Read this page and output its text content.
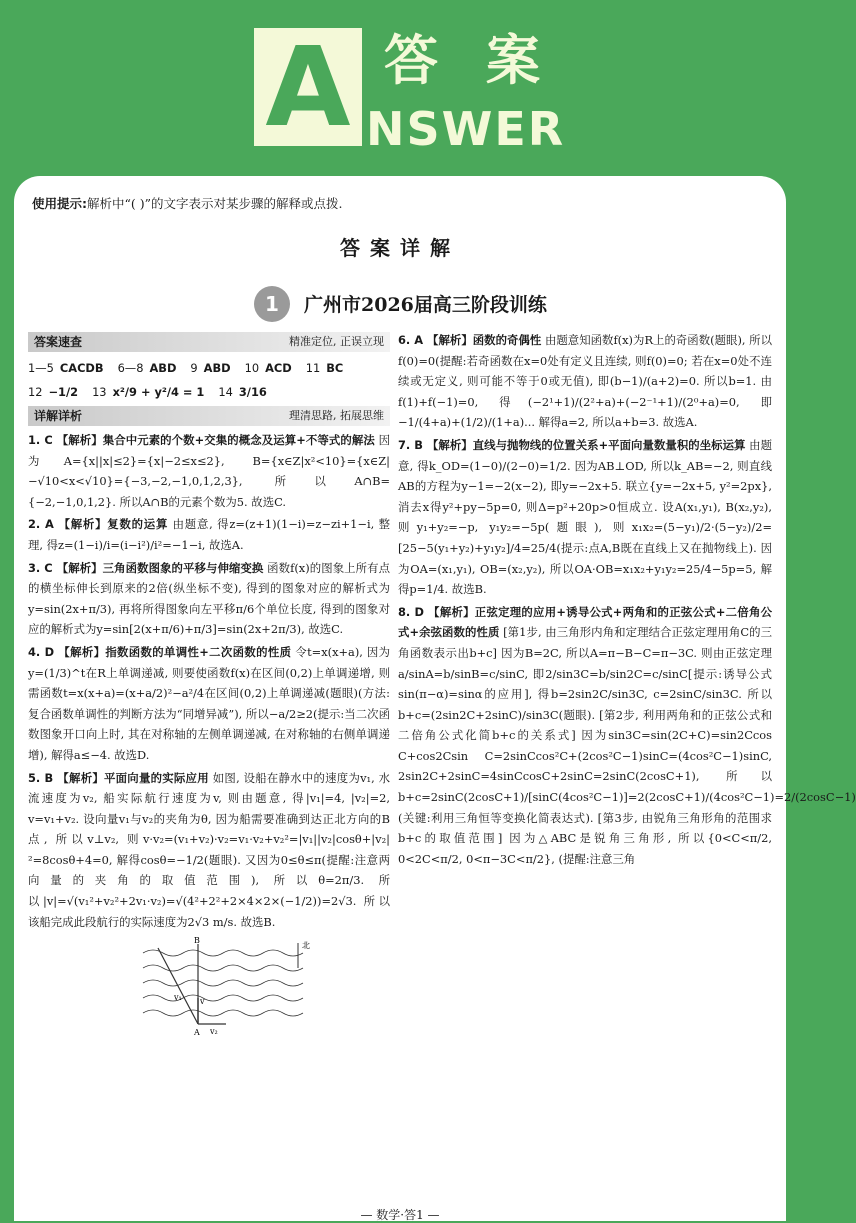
A 答案
NSWER
使用提示:解析中“( )”的文字表示对某步骤的解释或点拨.
答案详解
1	广州市2026届高三阶段训练
答案速查	精准定位, 正误立现
1—5 CACDB 6—8 ABD 9 ABD 10 ACD 11 BC
12 −1/2 13 x²/9 + y²/4 = 1 14 3/16
详解详析	理清思路, 拓展思维
1. C 【解析】集合中元素的个数+交集的概念及运算+不等式的解法 因为A={x||x|≤2}={x|−2≤x≤2}, B={x∈Z|x²<10}={x∈Z|−√10<x<√10}={−3,−2,−1,0,1,2,3}, 所以A∩B={−2,−1,0,1,2}. 所以A∩B的元素个数为5. 故选C.
2. A 【解析】复数的运算 由题意, 得z=(z+1)(1−i)=z−zi+1−i, 整理, 得z=(1−i)/i=(i−i²)/i²=−1−i, 故选A.
3. C 【解析】三角函数图象的平移与伸缩变换 函数f(x)的图象上所有点的横坐标伸长到原来的2倍(纵坐标不变), 得到的图象对应的解析式为y=sin(2x+π/3), 再将所得图象向左平移π/6个单位长度, 得到的图象对应的解析式为y=sin[2(x+π/6)+π/3]=sin(2x+2π/3), 故选C.
4. D 【解析】指数函数的单调性+二次函数的性质 令t=x(x+a), 因为y=(1/3)^t在R上单调递减, 则要使函数f(x)在区间(0,2)上单调递增, 则需函数t=x(x+a)=(x+a/2)²−a²/4在区间(0,2)上单调递减(题眼)(方法:复合函数单调性的判断方法为“同增异减”), 所以−a/2≥2(提示:当二次函数图象开口向上时, 其在对称轴的左侧单调递减, 在对称轴的右侧单调递增), 解得a≤−4. 故选D.
5. B 【解析】平面向量的实际应用 如图, 设船在静水中的速度为v₁, 水流速度为v₂, 船实际航行速度为v, 则由题意, 得|v₁|=4, |v₂|=2, v=v₁+v₂. 设向量v₁与v₂的夹角为θ, 因为船需要准确到达正北方向的B点, 所以v⊥v₂, 则v·v₂=(v₁+v₂)·v₂=v₁·v₂+v₂²=|v₁||v₂|cosθ+|v₂|²=8cosθ+4=0, 解得cosθ=−1/2(题眼). 又因为0≤θ≤π(提醒:注意两向量的夹角的取值范围), 所以θ=2π/3. 所以|v|=√(v₁²+v₂²+2v₁·v₂)=√(4²+2²+2×4×2×(−1/2))=2√3. 所以该船完成此段航行的实际速度为2√3 m/s. 故选B.
B
A
北
v
v₁
v₂
6. A 【解析】函数的奇偶性 由题意知函数f(x)为R上的奇函数(题眼), 所以f(0)=0(提醒:若奇函数在x=0处有定义且连续, 则f(0)=0; 若在x=0处不连续或无定义, 则可能不等于0或无值), 即(b−1)/(a+2)=0. 所以b=1. 由f(1)+f(−1)=0, 得(−2¹+1)/(2²+a)+(−2⁻¹+1)/(2⁰+a)=0, 即−1/(4+a)+(1/2)/(1+a)... 解得a=2, 所以a+b=3. 故选A.
7. B 【解析】直线与抛物线的位置关系+平面向量数量积的坐标运算 由题意, 得k_OD=(1−0)/(2−0)=1/2. 因为AB⊥OD, 所以k_AB=−2, 则直线AB的方程为y−1=−2(x−2), 即y=−2x+5. 联立{y=−2x+5, y²=2px}, 消去x得y²+py−5p=0, 则Δ=p²+20p>0恒成立. 设A(x₁,y₁), B(x₂,y₂), 则y₁+y₂=−p, y₁y₂=−5p(题眼), 则x₁x₂=(5−y₁)/2·(5−y₂)/2=[25−5(y₁+y₂)+y₁y₂]/4=25/4(提示:点A,B既在直线上又在抛物线上). 因为OA=(x₁,y₁), OB=(x₂,y₂), 所以OA·OB=x₁x₂+y₁y₂=25/4−5p=5, 解得p=1/4. 故选B.
8. D 【解析】正弦定理的应用+诱导公式+两角和的正弦公式+二倍角公式+余弦函数的性质 [第1步, 由三角形内角和定理结合正弦定理用角C的三角函数表示出b+c] 因为B=2C, 所以A=π−B−C=π−3C. 则由正弦定理a/sinA=b/sinB=c/sinC, 即2/sin3C=b/sin2C=c/sinC[提示:诱导公式sin(π−α)=sinα的应用], 得b=2sin2C/sin3C, c=2sinC/sin3C. 所以b+c=(2sin2C+2sinC)/sin3C(题眼). [第2步, 利用两角和的正弦公式和二倍角公式化简b+c的关系式] 因为sin3C=sin(2C+C)=sin2Ccos C+cos2Csin C=2sinCcos²C+(2cos²C−1)sinC=(4cos²C−1)sinC, 2sin2C+2sinC=4sinCcosC+2sinC=2sinC(2cosC+1), 所以b+c=2sinC(2cosC+1)/[sinC(4cos²C−1)]=2(2cosC+1)/(4cos²C−1)=2/(2cosC−1)(关键:利用三角恒等变换化简表达式). [第3步, 由锐角三角形角的范围求b+c的取值范围] 因为△ABC是锐角三角形, 所以{0<C<π/2, 0<2C<π/2, 0<π−3C<π/2}, (提醒:注意三角
— 数学·答1 —
